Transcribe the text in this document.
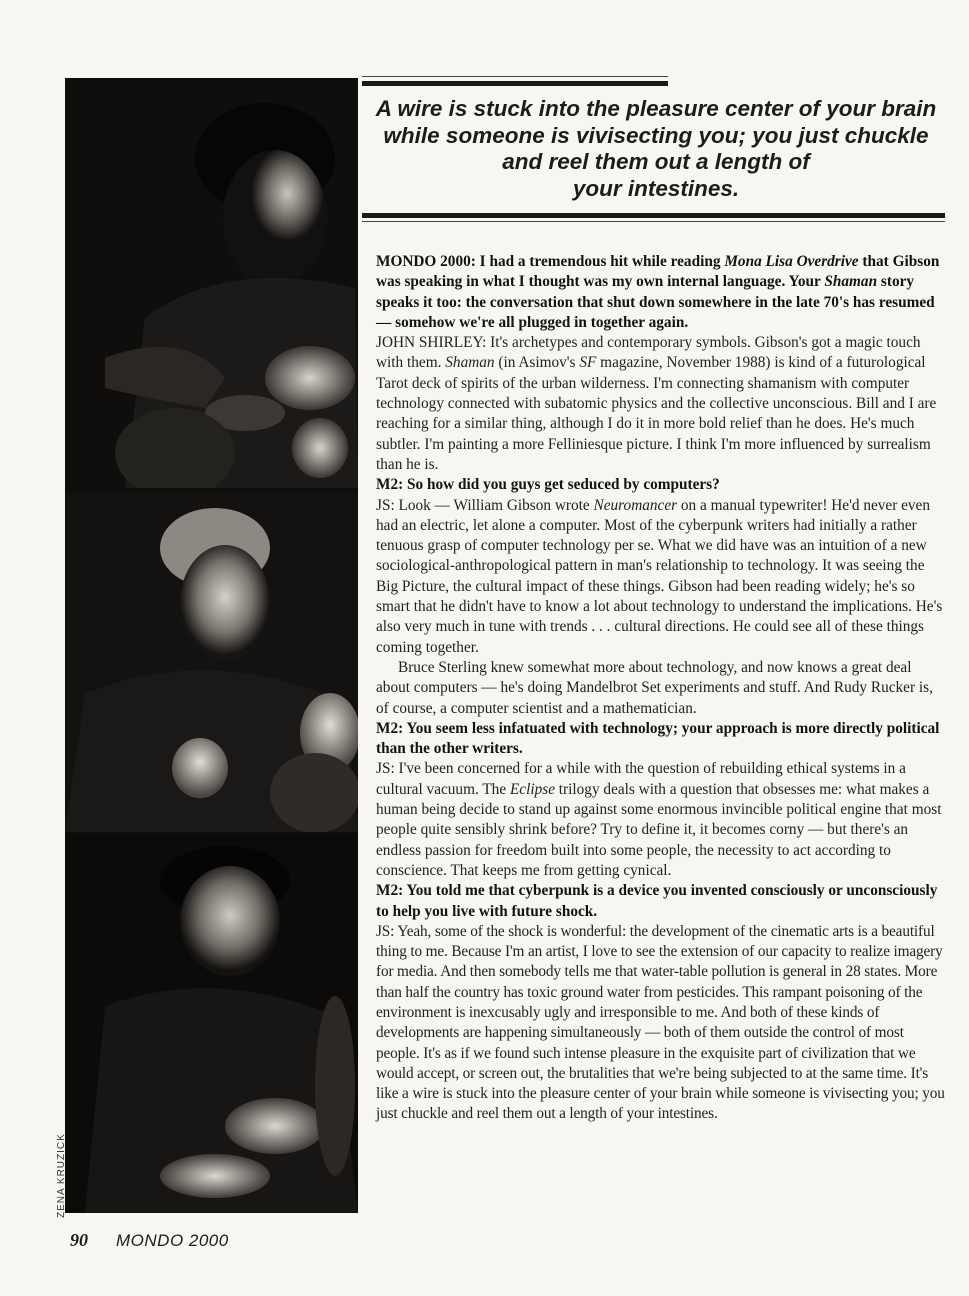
ZENA KRUZICK
A wire is stuck into the pleasure center of your brain
while someone is vivisecting you; you just chuckle
and reel them out a length of
your intestines.

MONDO 2000: I had a tremendous hit while reading Mona Lisa Overdrive that Gibson was speaking in what I thought was my own internal language. Your Shaman story speaks it too: the conversation that shut down somewhere in the late 70's has resumed — somehow we're all plugged in together again.

JOHN SHIRLEY: It's archetypes and contemporary symbols. Gibson's got a magic touch with them. Shaman (in Asimov's SF magazine, November 1988) is kind of a futurological Tarot deck of spirits of the urban wilderness. I'm connecting shamanism with computer technology connected with subatomic physics and the collective unconscious. Bill and I are reaching for a similar thing, although I do it in more bold relief than he does. He's much subtler. I'm painting a more Felliniesque picture. I think I'm more influenced by surrealism than he is.

M2: So how did you guys get seduced by computers?

JS: Look — William Gibson wrote Neuromancer on a manual typewriter! He'd never even had an electric, let alone a computer. Most of the cyberpunk writers had initially a rather tenuous grasp of computer technology per se. What we did have was an intuition of a new sociological-anthropological pattern in man's relationship to technology. It was seeing the Big Picture, the cultural impact of these things. Gibson had been reading widely; he's so smart that he didn't have to know a lot about technology to understand the implications. He's also very much in tune with trends . . . cultural directions. He could see all of these things coming together.

Bruce Sterling knew somewhat more about technology, and now knows a great deal about computers — he's doing Mandelbrot Set experiments and stuff. And Rudy Rucker is, of course, a computer scientist and a mathematician.

M2: You seem less infatuated with technology; your approach is more directly political than the other writers.

JS: I've been concerned for a while with the question of rebuilding ethical systems in a cultural vacuum. The Eclipse trilogy deals with a question that obsesses me: what makes a human being decide to stand up against some enormous invincible political engine that most people quite sensibly shrink before? Try to define it, it becomes corny — but there's an endless passion for freedom built into some people, the necessity to act according to conscience. That keeps me from getting cynical.

M2: You told me that cyberpunk is a device you invented consciously or unconsciously to help you live with future shock.

JS: Yeah, some of the shock is wonderful: the development of the cinematic arts is a beautiful thing to me. Because I'm an artist, I love to see the extension of our capacity to realize imagery for media. And then somebody tells me that water-table pollution is general in 28 states. More than half the country has toxic ground water from pesticides. This rampant poisoning of the environment is inexcusably ugly and irresponsible to me. And both of these kinds of developments are happening simultaneously — both of them outside the control of most people. It's as if we found such intense pleasure in the exquisite part of civilization that we would accept, or screen out, the brutalities that we're being subjected to at the same time. It's like a wire is stuck into the pleasure center of your brain while someone is vivisecting you; you just chuckle and reel them out a length of your intestines.

90 MONDO 2000
